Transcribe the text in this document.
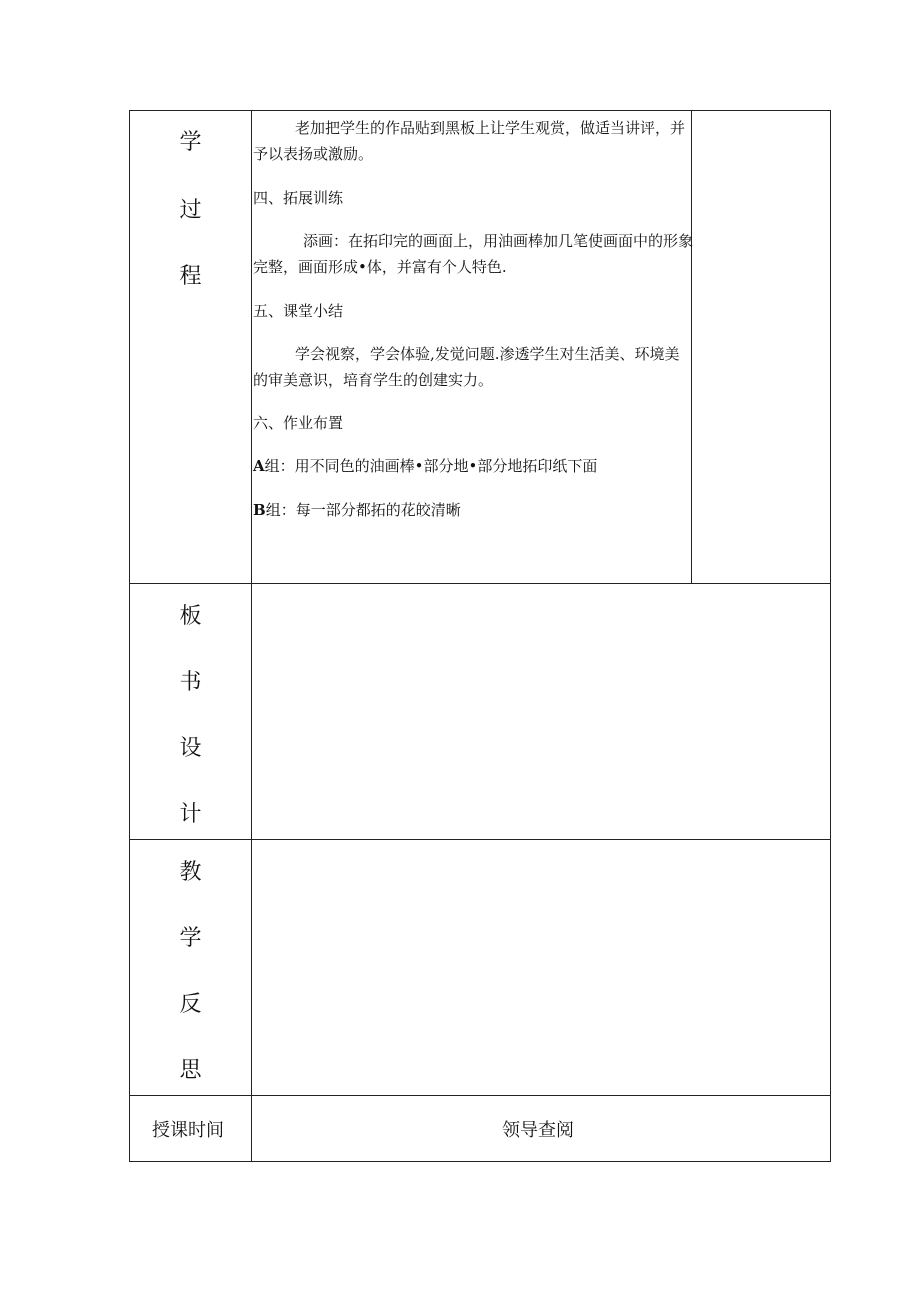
学
过
程

老加把学生的作品贴到黑板上让学生观赏，做适当讲评，并予以表扬或激励。

四、拓展训练

添画：在拓印完的画面上，用油画棒加几笔使画面中的形象完整，画面形成•体，并富有个人特色.

五、课堂小结

学会视察，学会体验,发觉问题.渗透学生对生活美、环境美的审美意识，培育学生的创建实力。

六、作业布置

A组：用不同色的油画棒•部分地•部分地拓印纸下面

B组：每一部分都拓的花皎清晰

板
书
设
计
教
学
反
思
授课时间	领导查阅
